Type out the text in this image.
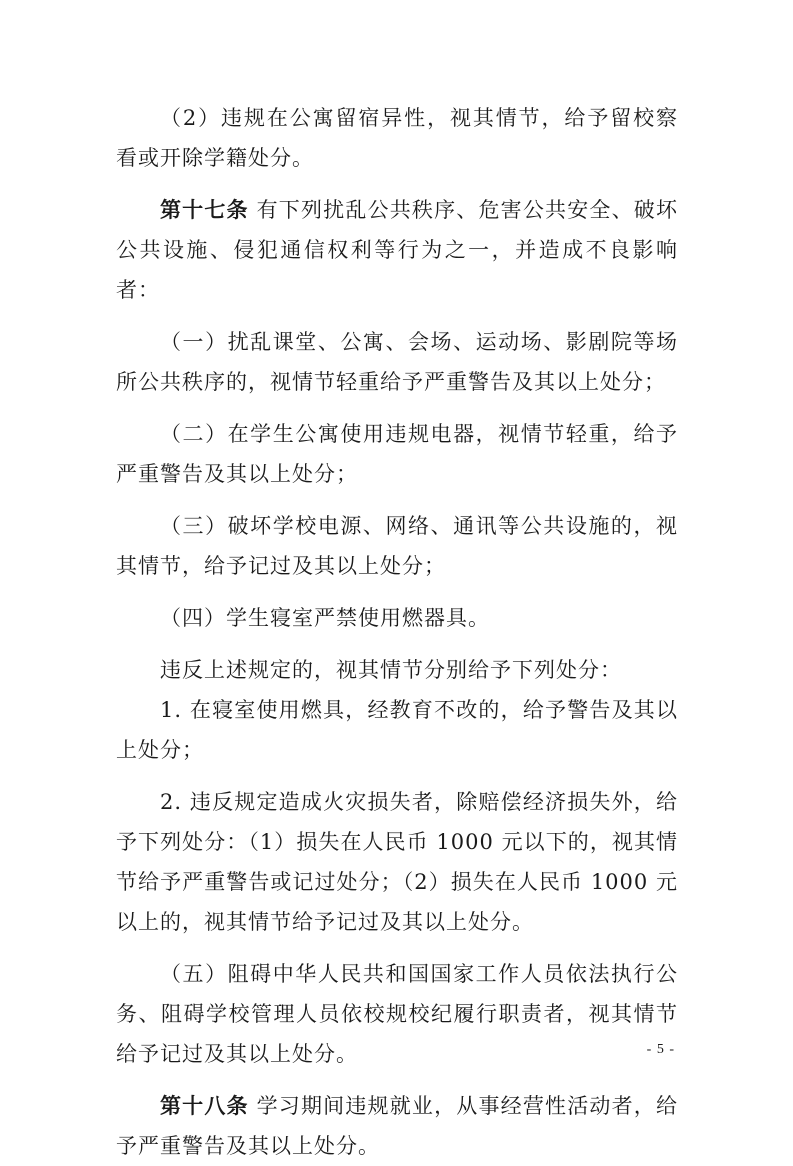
（2）违规在公寓留宿异性，视其情节，给予留校察看或开除学籍处分。

第十七条 有下列扰乱公共秩序、危害公共安全、破坏公共设施、侵犯通信权利等行为之一，并造成不良影响者：

（一）扰乱课堂、公寓、会场、运动场、影剧院等场所公共秩序的，视情节轻重给予严重警告及其以上处分；

（二）在学生公寓使用违规电器，视情节轻重，给予严重警告及其以上处分；

（三）破坏学校电源、网络、通讯等公共设施的，视其情节，给予记过及其以上处分；

（四）学生寝室严禁使用燃器具。

违反上述规定的，视其情节分别给予下列处分：

1. 在寝室使用燃具，经教育不改的，给予警告及其以上处分；

2. 违反规定造成火灾损失者，除赔偿经济损失外，给予下列处分：（1）损失在人民币 1000 元以下的，视其情节给予严重警告或记过处分；（2）损失在人民币 1000 元以上的，视其情节给予记过及其以上处分。

（五）阻碍中华人民共和国国家工作人员依法执行公务、阻碍学校管理人员依校规校纪履行职责者，视其情节给予记过及其以上处分。

第十八条 学习期间违规就业，从事经营性活动者，给予严重警告及其以上处分。

- 5 -
